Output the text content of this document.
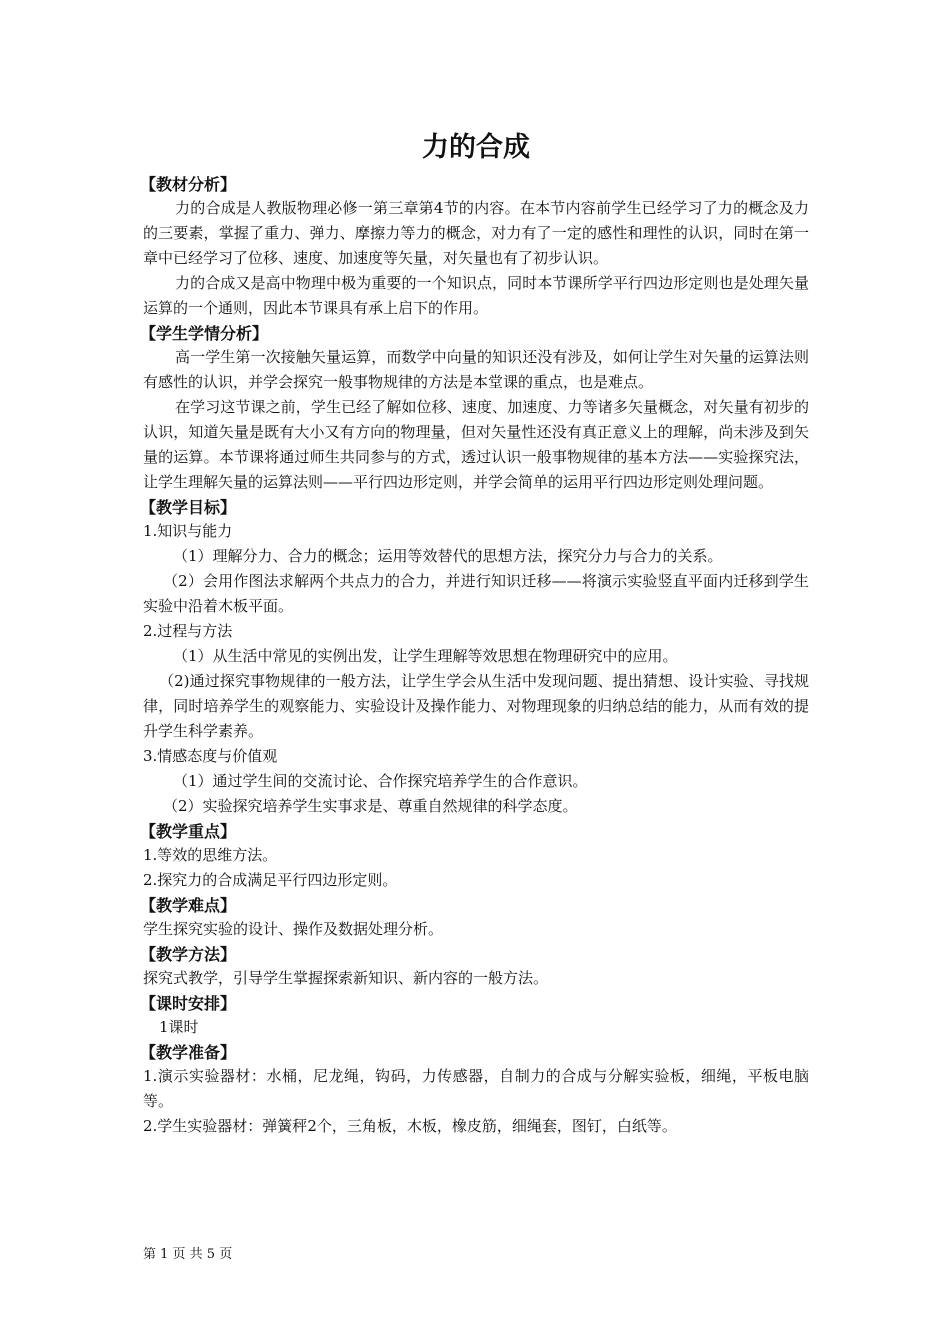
力的合成
【教材分析】

力的合成是人教版物理必修一第三章第4节的内容。在本节内容前学生已经学习了力的概念及力的三要素，掌握了重力、弹力、摩擦力等力的概念，对力有了一定的感性和理性的认识，同时在第一章中已经学习了位移、速度、加速度等矢量，对矢量也有了初步认识。

力的合成又是高中物理中极为重要的一个知识点，同时本节课所学平行四边形定则也是处理矢量运算的一个通则，因此本节课具有承上启下的作用。

【学生学情分析】

高一学生第一次接触矢量运算，而数学中向量的知识还没有涉及，如何让学生对矢量的运算法则有感性的认识，并学会探究一般事物规律的方法是本堂课的重点，也是难点。

在学习这节课之前，学生已经了解如位移、速度、加速度、力等诸多矢量概念，对矢量有初步的认识，知道矢量是既有大小又有方向的物理量，但对矢量性还没有真正意义上的理解，尚未涉及到矢量的运算。本节课将通过师生共同参与的方式，透过认识一般事物规律的基本方法——实验探究法，让学生理解矢量的运算法则——平行四边形定则，并学会简单的运用平行四边形定则处理问题。

【教学目标】

1.知识与能力

（1）理解分力、合力的概念；运用等效替代的思想方法，探究分力与合力的关系。

（2）会用作图法求解两个共点力的合力，并进行知识迁移——将演示实验竖直平面内迁移到学生实验中沿着木板平面。

2.过程与方法

（1）从生活中常见的实例出发，让学生理解等效思想在物理研究中的应用。

（2)通过探究事物规律的一般方法，让学生学会从生活中发现问题、提出猜想、设计实验、寻找规律，同时培养学生的观察能力、实验设计及操作能力、对物理现象的归纳总结的能力，从而有效的提升学生科学素养。

3.情感态度与价值观

（1）通过学生间的交流讨论、合作探究培养学生的合作意识。

（2）实验探究培养学生实事求是、尊重自然规律的科学态度。

【教学重点】

1.等效的思维方法。

2.探究力的合成满足平行四边形定则。

【教学难点】

学生探究实验的设计、操作及数据处理分析。

【教学方法】

探究式教学，引导学生掌握探索新知识、新内容的一般方法。

【课时安排】

1课时

【教学准备】

1.演示实验器材：水桶，尼龙绳，钩码，力传感器，自制力的合成与分解实验板，细绳，平板电脑等。

2.学生实验器材：弹簧秤2个，三角板，木板，橡皮筋，细绳套，图钉，白纸等。

第 1 页 共 5 页
